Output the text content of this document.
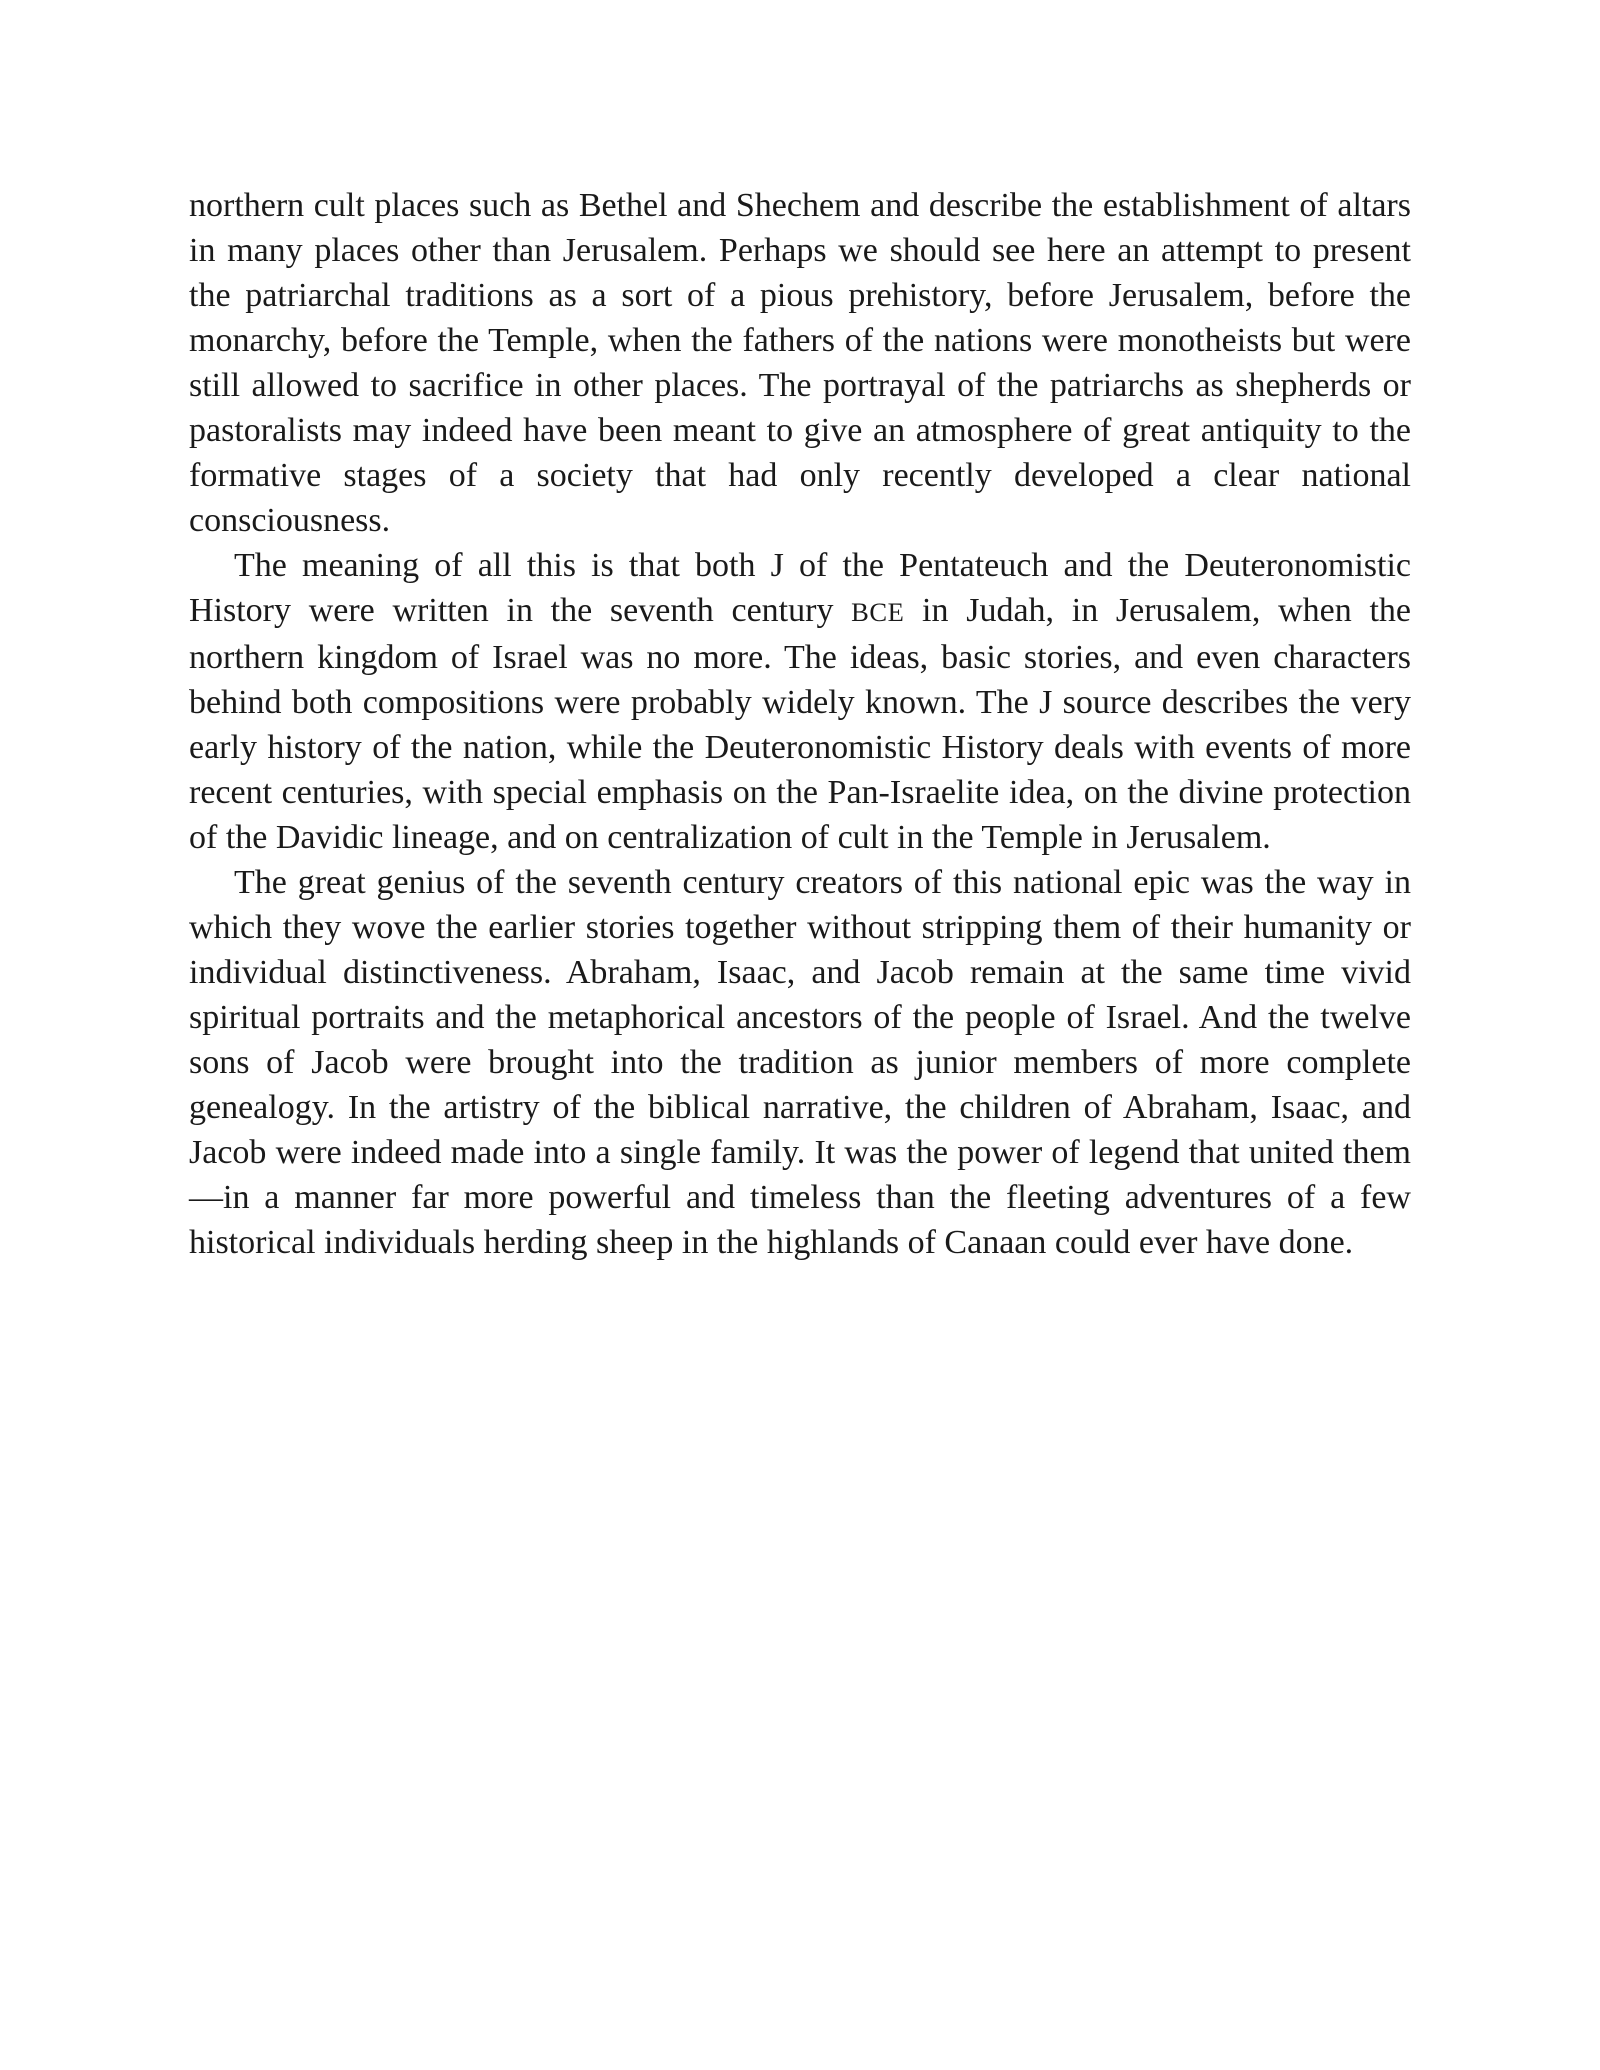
northern cult places such as Bethel and Shechem and describe the establishment of altars in many places other than Jerusalem. Perhaps we should see here an attempt to present the patriarchal traditions as a sort of a pious prehistory, before Jerusalem, before the monarchy, before the Temple, when the fathers of the nations were monotheists but were still allowed to sacrifice in other places. The portrayal of the patriarchs as shepherds or pastoralists may indeed have been meant to give an atmosphere of great antiquity to the formative stages of a society that had only recently developed a clear national consciousness.

The meaning of all this is that both J of the Pentateuch and the Deuteronomistic History were written in the seventh century BCE in Judah, in Jerusalem, when the northern kingdom of Israel was no more. The ideas, basic stories, and even characters behind both compositions were probably widely known. The J source describes the very early history of the nation, while the Deuteronomistic History deals with events of more recent centuries, with special emphasis on the Pan-Israelite idea, on the divine protection of the Davidic lineage, and on centralization of cult in the Temple in Jerusalem.

The great genius of the seventh century creators of this national epic was the way in which they wove the earlier stories together without stripping them of their humanity or individual distinctiveness. Abraham, Isaac, and Jacob remain at the same time vivid spiritual portraits and the metaphorical ancestors of the people of Israel. And the twelve sons of Jacob were brought into the tradition as junior members of more complete genealogy. In the artistry of the biblical narrative, the children of Abraham, Isaac, and Jacob were indeed made into a single family. It was the power of legend that united them—in a manner far more powerful and timeless than the fleeting adventures of a few historical individuals herding sheep in the highlands of Canaan could ever have done.
